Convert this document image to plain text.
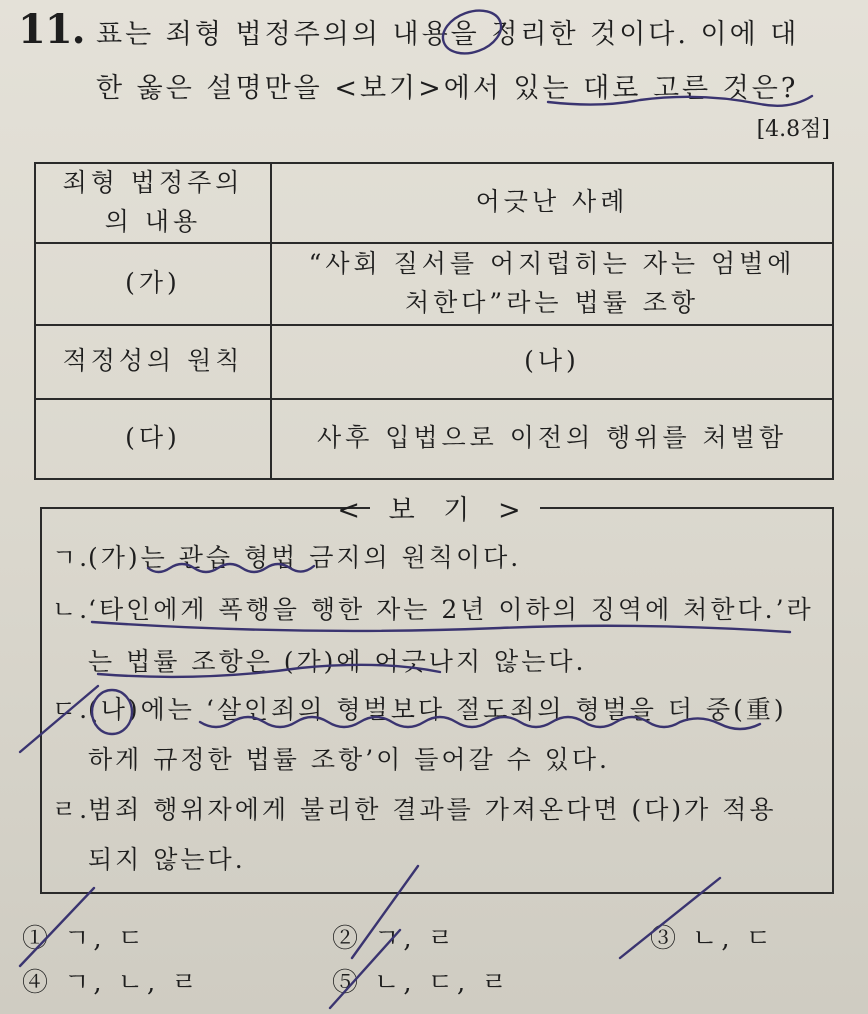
11. 표는 죄형 법정주의의 내용을 정리한 것이다. 이에 대
한 옳은 설명만을 <보기>에서 있는 대로 고른 것은?
[4.8점]
죄형 법정주의의 내용	어긋난 사례
(가)	“사회 질서를 어지럽히는 자는 엄벌에
처한다”라는 법률 조항

적정성의 원칙	(나)
(다)	사후 입법으로 이전의 행위를 처벌함
< 보 기 >
ㄱ.(가)는 관습 형법 금지의 원칙이다.
ㄴ.‘타인에게 폭행을 행한 자는 2년 이하의 징역에 처한다.’라
는 법률 조항은 (가)에 어긋나지 않는다.
ㄷ.(나)에는 ‘살인죄의 형벌보다 절도죄의 형벌을 더 중(重)
하게 규정한 법률 조항’이 들어갈 수 있다.
ㄹ.범죄 행위자에게 불리한 결과를 가져온다면 (다)가 적용
되지 않는다.
① ㄱ, ㄷ	② ㄱ, ㄹ	③ ㄴ, ㄷ
④ ㄱ, ㄴ, ㄹ	⑤ ㄴ, ㄷ, ㄹ
